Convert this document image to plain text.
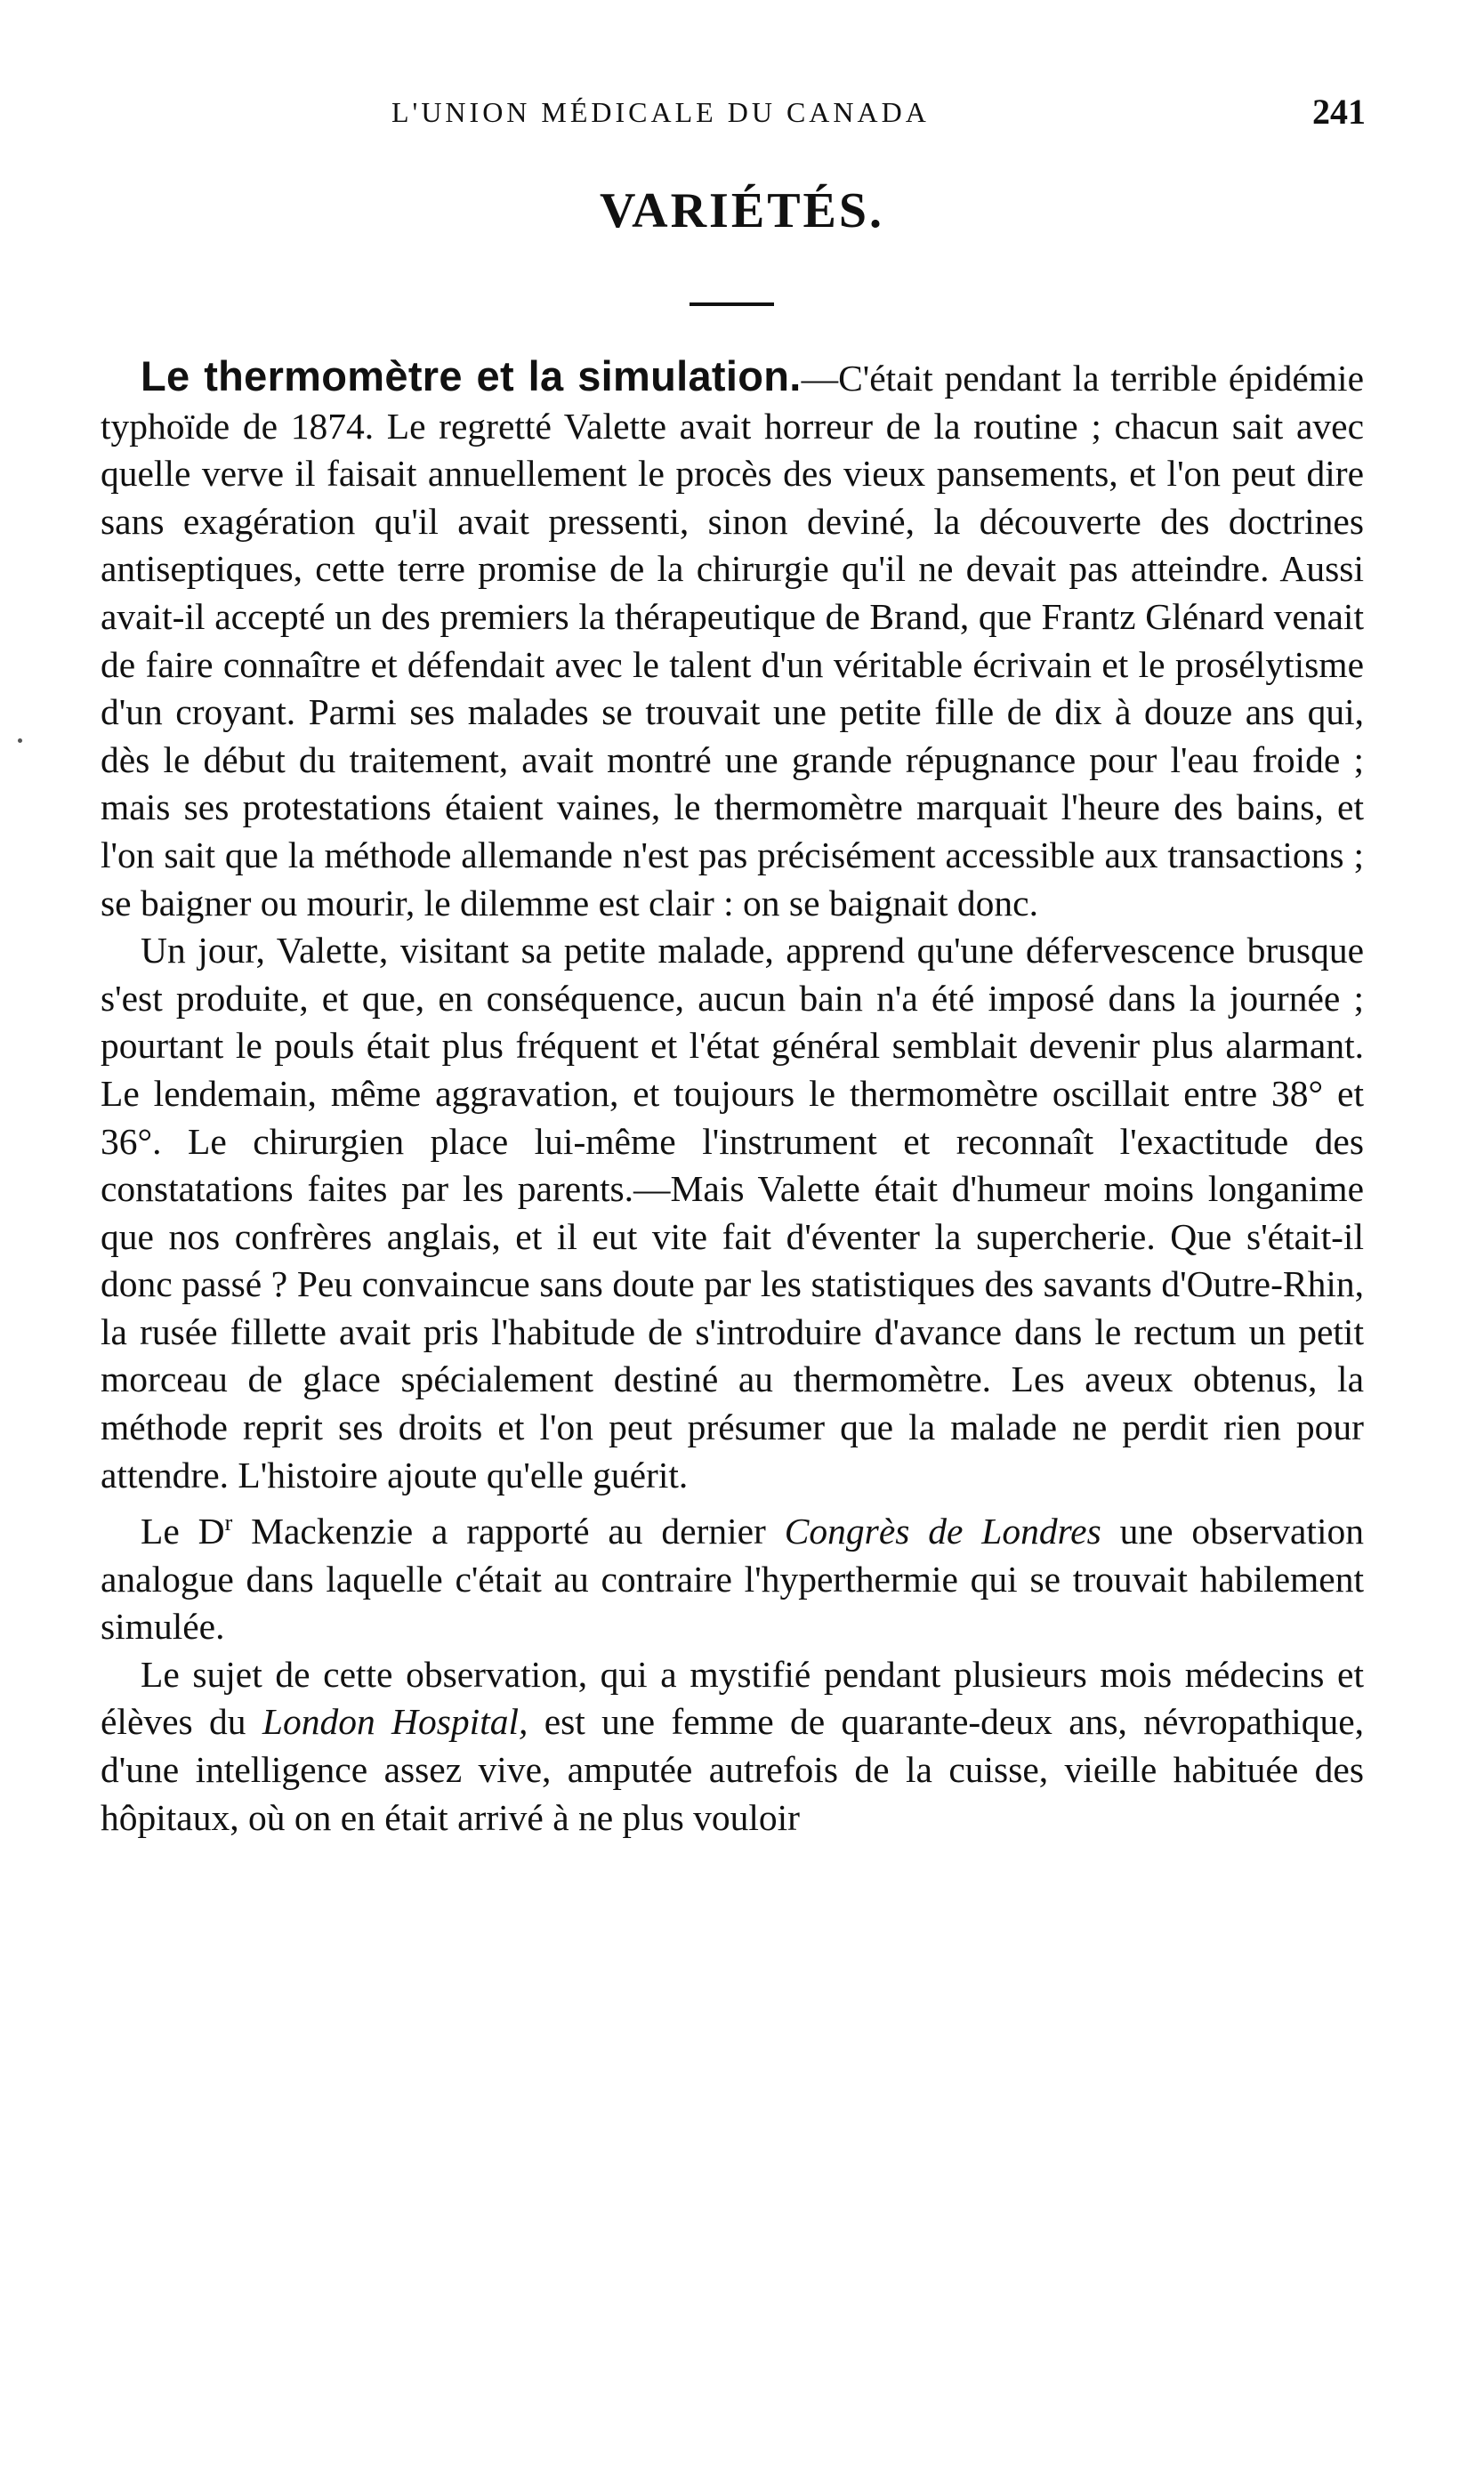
L'UNION MÉDICALE DU CANADA	241
VARIÉTÉS.

Le thermomètre et la simulation.—C'était pendant la terrible épidémie typhoïde de 1874. Le regretté Valette avait horreur de la routine ; chacun sait avec quelle verve il faisait annuellement le procès des vieux pansements, et l'on peut dire sans exagération qu'il avait pressenti, sinon deviné, la découverte des doctrines antiseptiques, cette terre promise de la chirurgie qu'il ne devait pas atteindre. Aussi avait-il accepté un des premiers la thérapeutique de Brand, que Frantz Glénard venait de faire connaître et défendait avec le talent d'un véritable écrivain et le prosélytisme d'un croyant. Parmi ses malades se trouvait une petite fille de dix à douze ans qui, dès le début du traitement, avait montré une grande répugnance pour l'eau froide ; mais ses protestations étaient vaines, le thermomètre marquait l'heure des bains, et l'on sait que la méthode allemande n'est pas précisément accessible aux transactions ; se baigner ou mourir, le dilemme est clair : on se baignait donc.

Un jour, Valette, visitant sa petite malade, apprend qu'une défervescence brusque s'est produite, et que, en conséquence, aucun bain n'a été imposé dans la journée ; pourtant le pouls était plus fréquent et l'état général semblait devenir plus alarmant. Le lendemain, même aggravation, et toujours le thermomètre oscillait entre 38° et 36°. Le chirurgien place lui-même l'instrument et reconnaît l'exactitude des constatations faites par les parents.—Mais Valette était d'humeur moins longanime que nos confrères anglais, et il eut vite fait d'éventer la supercherie. Que s'était-il donc passé ? Peu convaincue sans doute par les statistiques des savants d'Outre-Rhin, la rusée fillette avait pris l'habitude de s'introduire d'avance dans le rectum un petit morceau de glace spécialement destiné au thermomètre. Les aveux obtenus, la méthode reprit ses droits et l'on peut présumer que la malade ne perdit rien pour attendre. L'histoire ajoute qu'elle guérit.

Le $D^r$ Mackenzie a rapporté au dernier Congrès de Londres une observation analogue dans laquelle c'était au contraire l'hyperthermie qui se trouvait habilement simulée.

Le sujet de cette observation, qui a mystifié pendant plusieurs mois médecins et élèves du London Hospital, est une femme de quarante-deux ans, névropathique, d'une intelligence assez vive, amputée autrefois de la cuisse, vieille habituée des hôpitaux, où on en était arrivé à ne plus vouloir
